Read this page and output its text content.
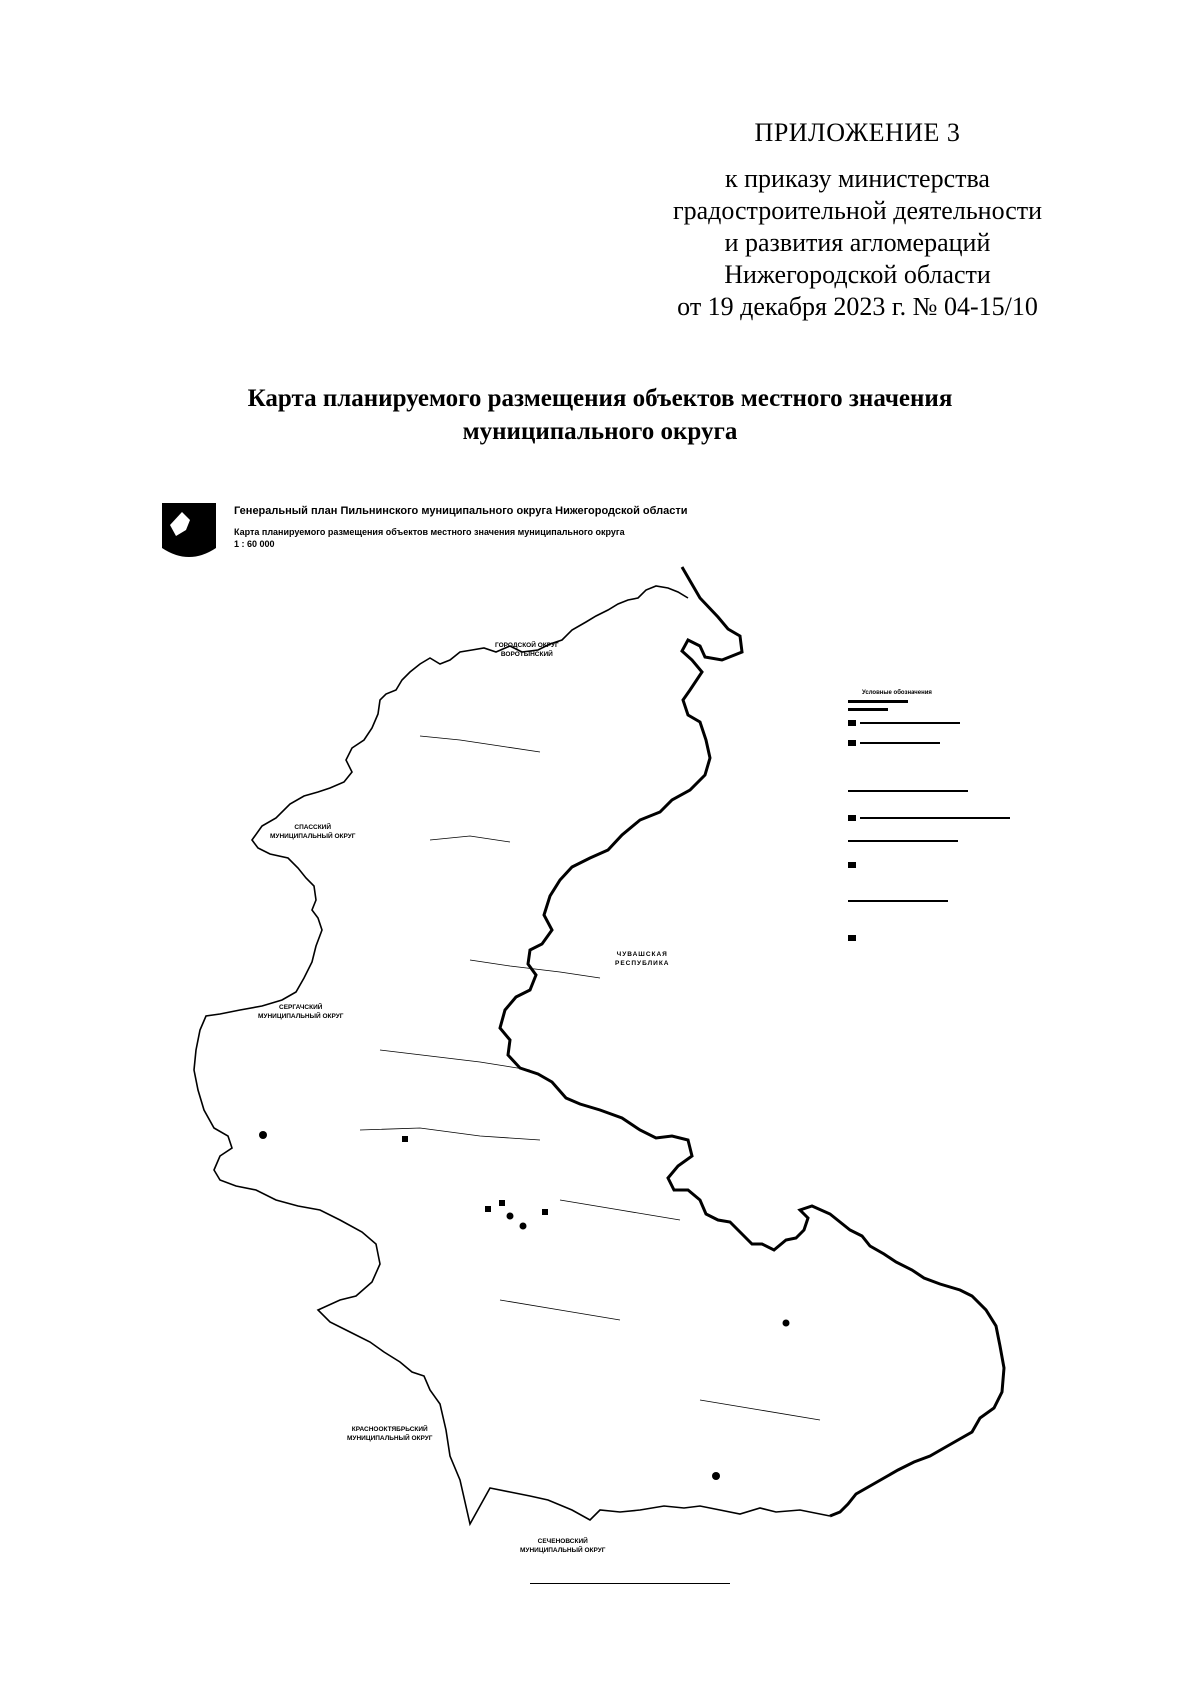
ПРИЛОЖЕНИЕ 3
к приказу министерства
градостроительной деятельности
и развития агломераций
Нижегородской области
от 19 декабря 2023 г. № 04-15/10
Карта планируемого размещения объектов местного значения
муниципального округа
Генеральный план Пильнинского муниципального округа Нижегородской области
Карта планируемого размещения объектов местного значения муниципального округа
1 : 60 000
ГОРОДСКОЙ ОКРУГ
ВОРОТЫНСКИЙ
СПАССКИЙ
МУНИЦИПАЛЬНЫЙ ОКРУГ
СЕРГАЧСКИЙ
МУНИЦИПАЛЬНЫЙ ОКРУГ
ЧУВАШСКАЯ
РЕСПУБЛИКА
КРАСНООКТЯБРЬСКИЙ
МУНИЦИПАЛЬНЫЙ ОКРУГ
СЕЧЕНОВСКИЙ
МУНИЦИПАЛЬНЫЙ ОКРУГ
Условные обозначения
